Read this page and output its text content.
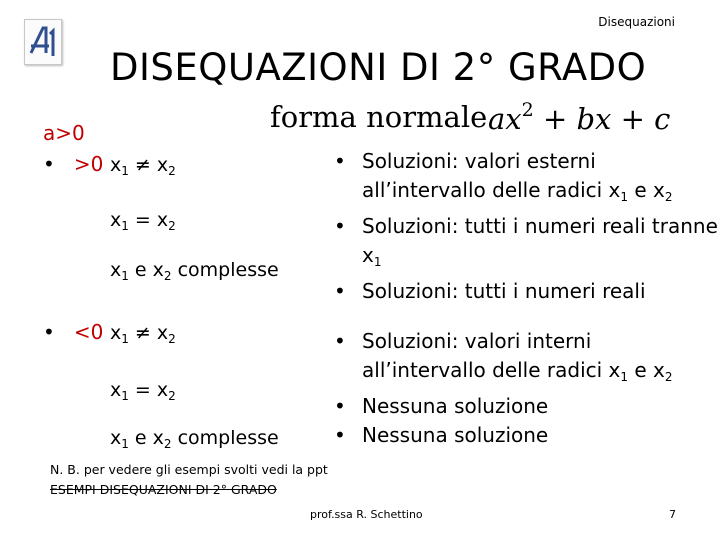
Disequazioni
DISEQUAZIONI DI 2° GRADO
forma normale $ax^2$ + bx + c
a>0
• >0 $x_1 \ne x_2$
$x_1 = x_2$
$x_1$ e $x_2$ complesse
• Soluzioni: valori esterni all’intervallo delle radici $x_1$ e $x_2$
• Soluzioni: tutti i numeri reali tranne $x_1$
• Soluzioni: tutti i numeri reali
• <0 $x_1 \ne x_2$
$x_1 = x_2$
$x_1$ e $x_2$ complesse
• Soluzioni: valori interni all’intervallo delle radici $x_1$ e $x_2$
• Nessuna soluzione
• Nessuna soluzione
N. B. per vedere gli esempi svolti vedi la ppt ESEMPI DISEQUAZIONI DI 2° GRADO
prof.ssa R. Schettino	7
